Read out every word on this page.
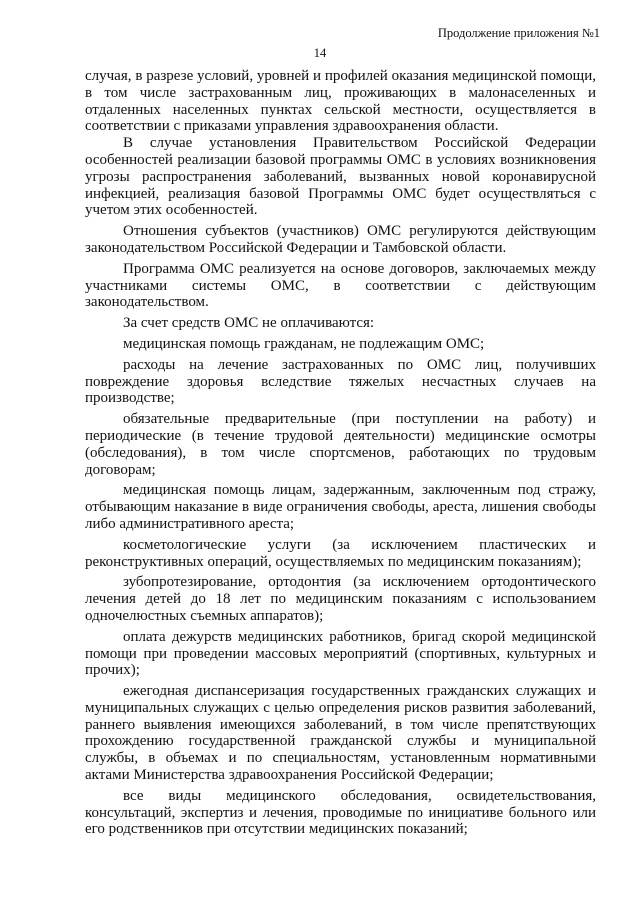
Продолжение приложения №1
14

случая, в разрезе условий, уровней и профилей оказания медицинской помощи, в том числе застрахованным лиц, проживающих в малонаселенных и отдаленных населенных пунктах сельской местности, осуществляется в соответствии с приказами управления здравоохранения области.

В случае установления Правительством Российской Федерации особенностей реализации базовой программы ОМС в условиях возникновения угрозы распространения заболеваний, вызванных новой коронавирусной инфекцией, реализация базовой Программы ОМС будет осуществляться с учетом этих особенностей.

Отношения субъектов (участников) ОМС регулируются действующим законодательством Российской Федерации и Тамбовской области.

Программа ОМС реализуется на основе договоров, заключаемых между участниками системы ОМС, в соответствии с действующим законодательством.

За счет средств ОМС не оплачиваются:

медицинская помощь гражданам, не подлежащим ОМС;

расходы на лечение застрахованных по ОМС лиц, получивших повреждение здоровья вследствие тяжелых несчастных случаев на производстве;

обязательные предварительные (при поступлении на работу) и периодические (в течение трудовой деятельности) медицинские осмотры (обследования), в том числе спортсменов, работающих по трудовым договорам;

медицинская помощь лицам, задержанным, заключенным под стражу, отбывающим наказание в виде ограничения свободы, ареста, лишения свободы либо административного ареста;

косметологические услуги (за исключением пластических и реконструктивных операций, осуществляемых по медицинским показаниям);

зубопротезирование, ортодонтия (за исключением ортодонтического лечения детей до 18 лет по медицинским показаниям с использованием одночелюстных съемных аппаратов);

оплата дежурств медицинских работников, бригад скорой медицинской помощи при проведении массовых мероприятий (спортивных, культурных и прочих);

ежегодная диспансеризация государственных гражданских служащих и муниципальных служащих с целью определения рисков развития заболеваний, раннего выявления имеющихся заболеваний, в том числе препятствующих прохождению государственной гражданской службы и муниципальной службы, в объемах и по специальностям, установленным нормативными актами Министерства здравоохранения Российской Федерации;

все виды медицинского обследования, освидетельствования, консультаций, экспертиз и лечения, проводимые по инициативе больного или его родственников при отсутствии медицинских показаний;
